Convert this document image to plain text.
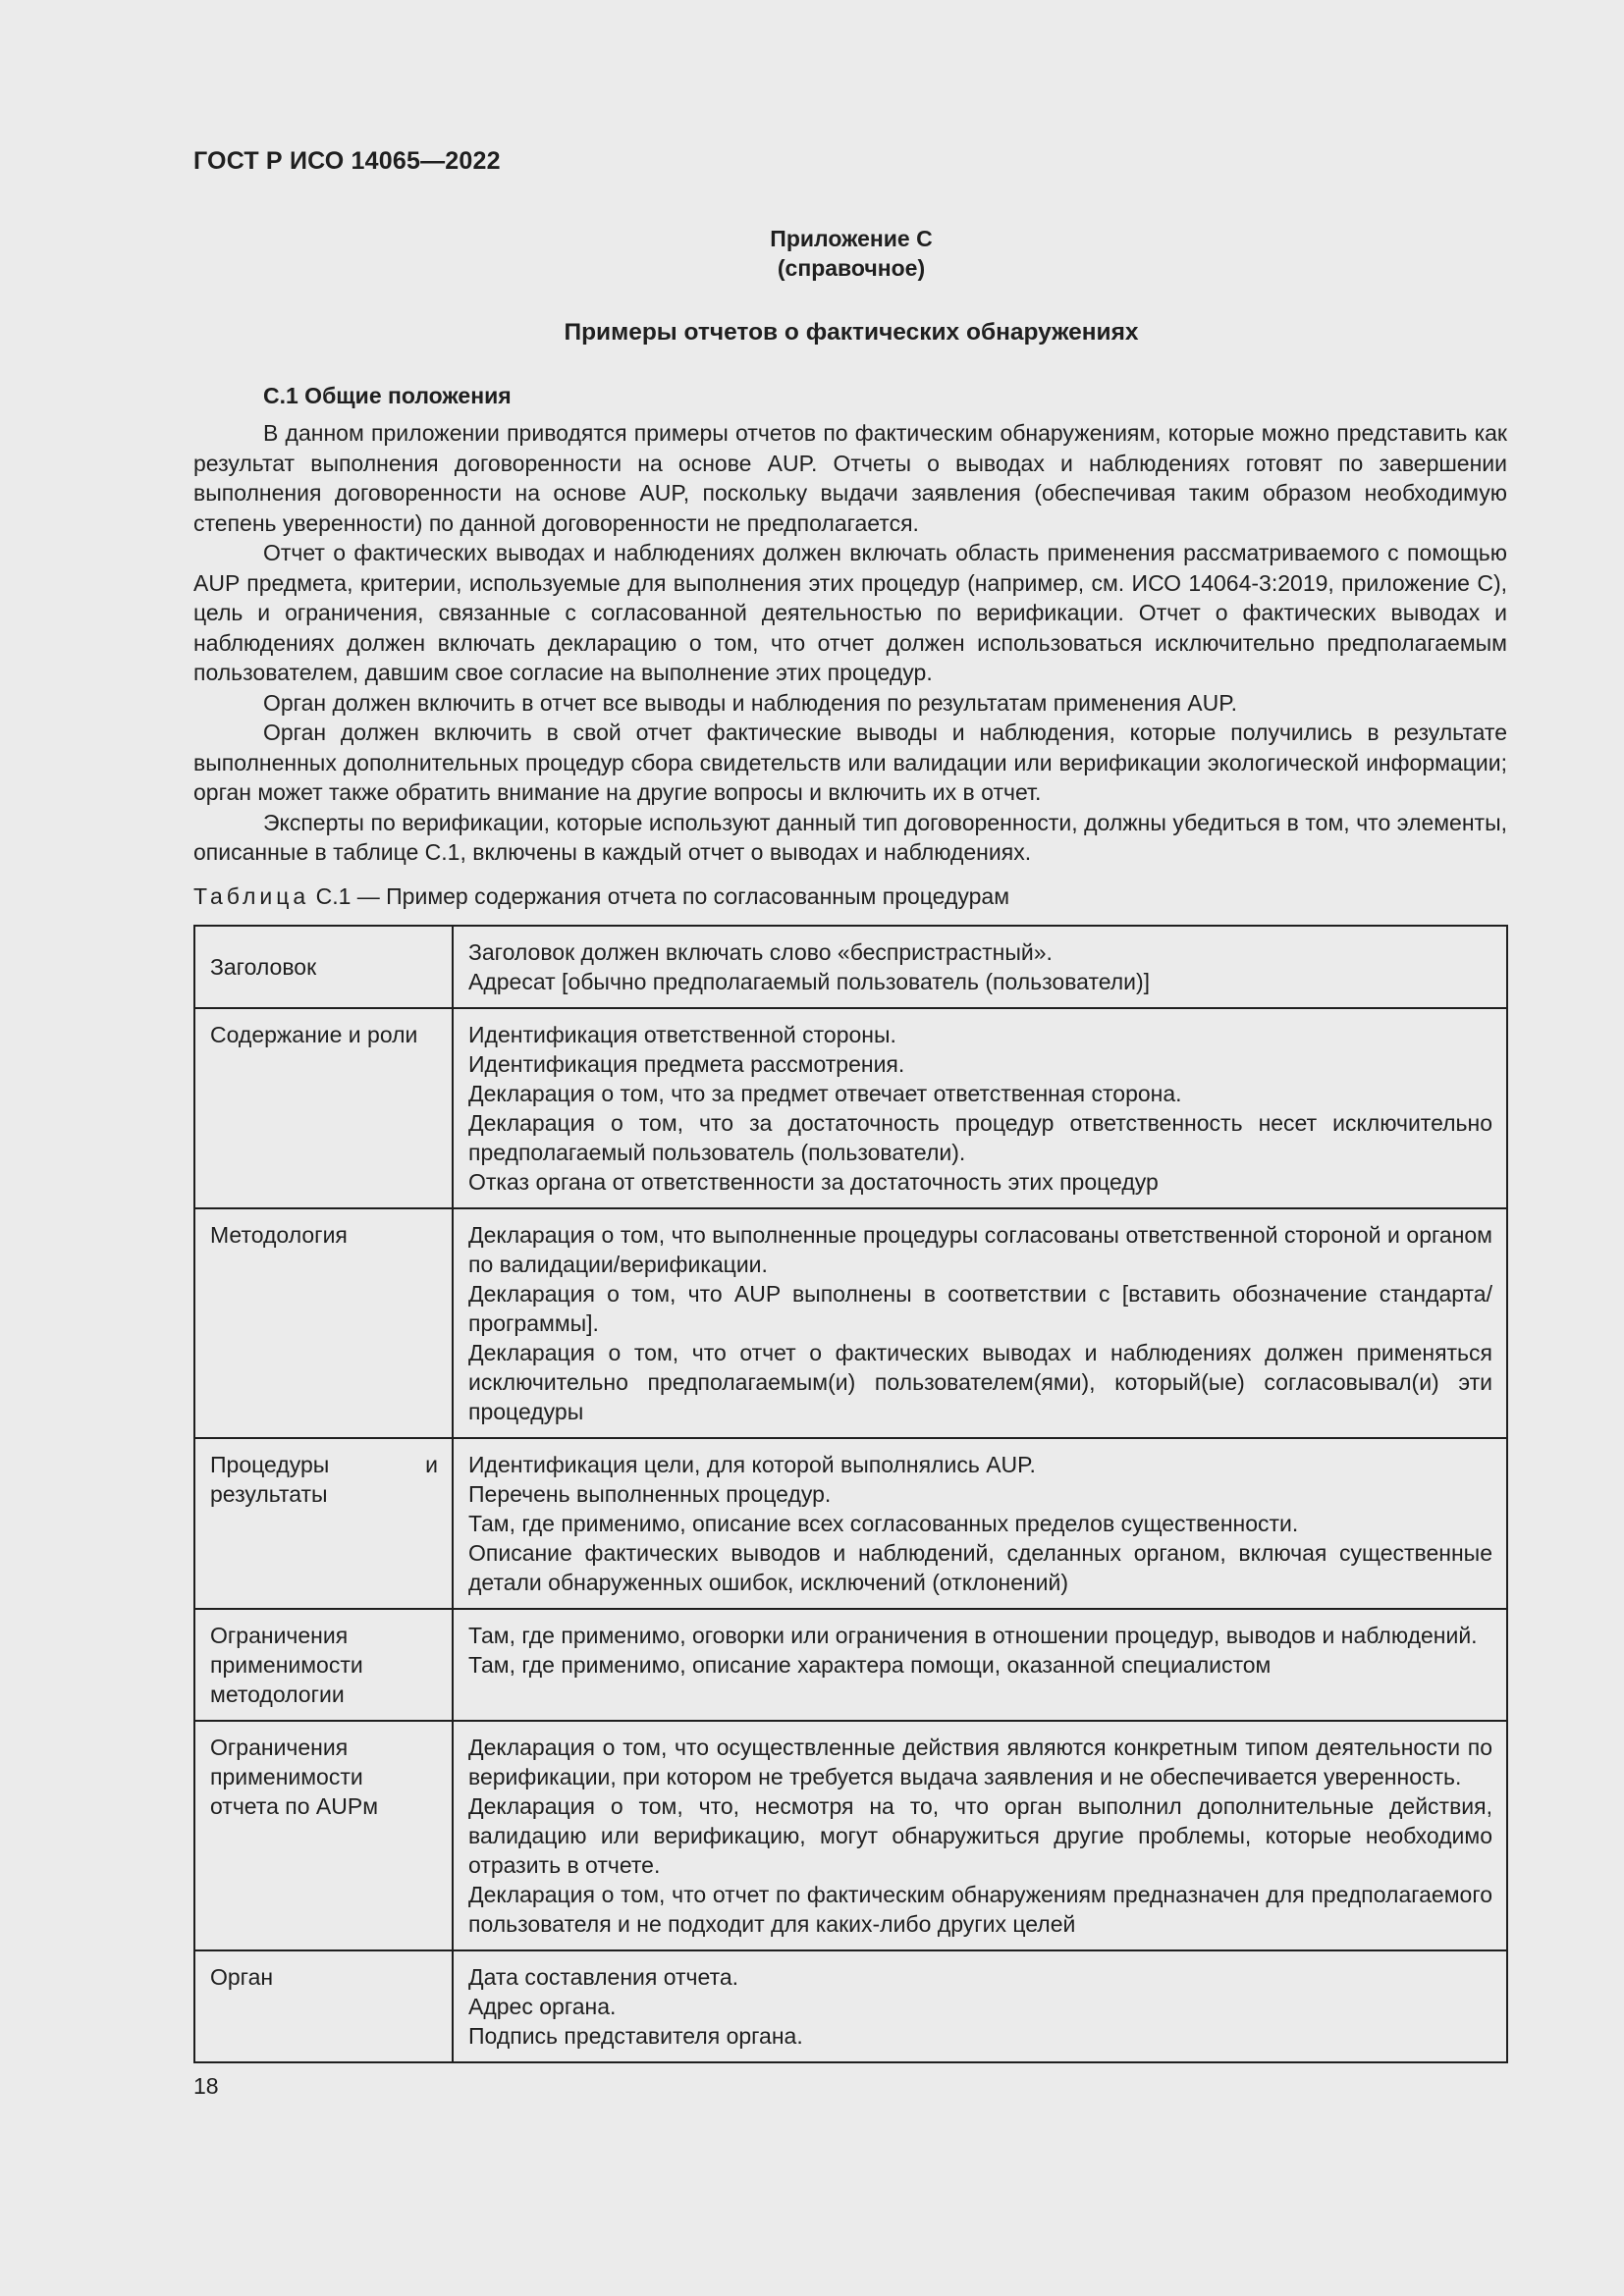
ГОСТ Р ИСО 14065—2022
Приложение С
(справочное)
Примеры отчетов о фактических обнаружениях
С.1 Общие положения

В данном приложении приводятся примеры отчетов по фактическим обнаружениям, которые можно представить как результат выполнения договоренности на основе AUP. Отчеты о выводах и наблюдениях готовят по завершении выполнения договоренности на основе AUP, поскольку выдачи заявления (обеспечивая таким образом необходимую степень уверенности) по данной договоренности не предполагается.

Отчет о фактических выводах и наблюдениях должен включать область применения рассматриваемого с помощью AUP предмета, критерии, используемые для выполнения этих процедур (например, см. ИСО 14064-3:2019, приложение С), цель и ограничения, связанные с согласованной деятельностью по верификации. Отчет о фактических выводах и наблюдениях должен включать декларацию о том, что отчет должен использоваться исключительно предполагаемым пользователем, давшим свое согласие на выполнение этих процедур.

Орган должен включить в отчет все выводы и наблюдения по результатам применения AUP.

Орган должен включить в свой отчет фактические выводы и наблюдения, которые получились в результате выполненных дополнительных процедур сбора свидетельств или валидации или верификации экологической информации; орган может также обратить внимание на другие вопросы и включить их в отчет.

Эксперты по верификации, которые используют данный тип договоренности, должны убедиться в том, что элементы, описанные в таблице С.1, включены в каждый отчет о выводах и наблюдениях.

Таблица С.1 — Пример содержания отчета по согласованным процедурам
Заголовок	Заголовок должен включать слово «беспристрастный».
Адресат [обычно предполагаемый пользователь (пользователи)]

Содержание и роли	Идентификация ответственной стороны.
Идентификация предмета рассмотрения.
Декларация о том, что за предмет отвечает ответственная сторона.
Декларация о том, что за достаточность процедур ответственность несет исключительно предполагаемый пользователь (пользователи).
Отказ органа от ответственности за достаточность этих процедур

Методология	Декларация о том, что выполненные процедуры согласованы ответственной стороной и органом по валидации/верификации.
Декларация о том, что AUP выполнены в соответствии с [вставить обозначение стандарта/программы].
Декларация о том, что отчет о фактических выводах и наблюдениях должен применяться исключительно предполагаемым(и) пользователем(ями), который(ые) согласовывал(и) эти процедуры

Процедуры и результаты	Идентификация цели, для которой выполнялись AUP.
Перечень выполненных процедур.
Там, где применимо, описание всех согласованных пределов существенности.
Описание фактических выводов и наблюдений, сделанных органом, включая существенные детали обнаруженных ошибок, исключений (отклонений)

Ограничения применимости методологии	Там, где применимо, оговорки или ограничения в отношении процедур, выводов и наблюдений.
Там, где применимо, описание характера помощи, оказанной специалистом

Ограничения применимости отчета по AUPм	Декларация о том, что осуществленные действия являются конкретным типом деятельности по верификации, при котором не требуется выдача заявления и не обеспечивается уверенность.
Декларация о том, что, несмотря на то, что орган выполнил дополнительные действия, валидацию или верификацию, могут обнаружиться другие проблемы, которые необходимо отразить в отчете.
Декларация о том, что отчет по фактическим обнаружениям предназначен для предполагаемого пользователя и не подходит для каких-либо других целей

Орган	Дата составления отчета.
Адрес органа.
Подпись представителя органа.
18
